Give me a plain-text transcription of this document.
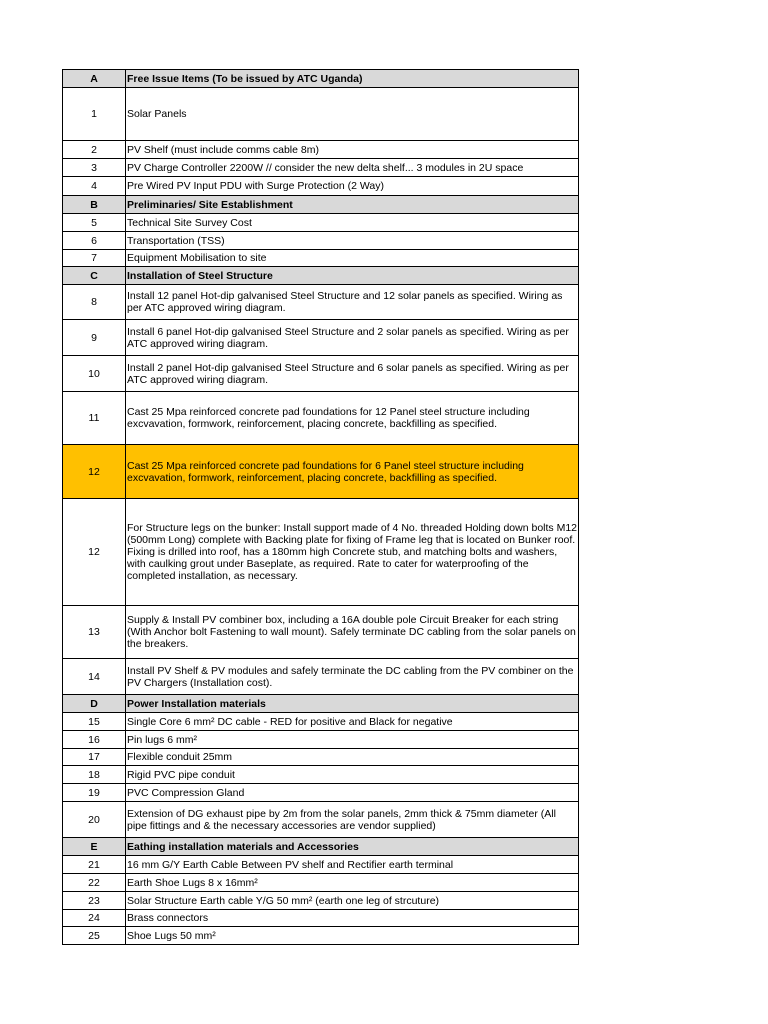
A	Free Issue Items (To be issued by ATC Uganda)
1	Solar Panels
2	PV Shelf (must include comms cable 8m)
3	PV Charge Controller 2200W // consider the new delta shelf... 3 modules in 2U space
4	Pre Wired PV Input PDU with Surge Protection (2 Way)
B	Preliminaries/ Site Establishment
5	Technical Site Survey Cost
6	Transportation (TSS)
7	Equipment Mobilisation to site
C	Installation of Steel Structure
8	Install 12 panel Hot-dip galvanised Steel Structure and 12 solar panels as specified. Wiring as per ATC approved wiring diagram.
9	Install 6 panel Hot-dip galvanised Steel Structure and 2 solar panels as specified. Wiring as per ATC approved wiring diagram.
10	Install 2 panel Hot-dip galvanised Steel Structure and 6 solar panels as specified. Wiring as per ATC approved wiring diagram.
11	Cast 25 Mpa reinforced concrete pad foundations for 12 Panel steel structure including excvavation, formwork, reinforcement, placing concrete, backfilling as specified.
12	Cast 25 Mpa reinforced concrete pad foundations for 6 Panel steel structure including excvavation, formwork, reinforcement, placing concrete, backfilling as specified.
12	For Structure legs on the bunker: Install support made of 4 No. threaded Holding down bolts M12 (500mm Long) complete with Backing plate for fixing of Frame leg that is located on Bunker roof. Fixing is drilled into roof, has a 180mm high Concrete stub, and matching bolts and washers, with caulking grout under Baseplate, as required. Rate to cater for waterproofing of the completed installation, as necessary.
13	Supply & Install PV combiner box, including a 16A double pole Circuit Breaker for each string (With Anchor bolt Fastening to wall mount). Safely terminate DC cabling from the solar panels on the breakers.
14	Install PV Shelf & PV modules and safely terminate the DC cabling from the PV combiner on the PV Chargers (Installation cost).
D	Power Installation materials
15	Single Core 6 mm² DC cable - RED for positive and Black for negative
16	Pin lugs 6 mm²
17	Flexible conduit 25mm
18	Rigid PVC pipe conduit
19	PVC Compression Gland
20	Extension of DG exhaust pipe by 2m from the solar panels, 2mm thick & 75mm diameter (All pipe fittings and & the necessary accessories are vendor supplied)
E	Eathing installation materials and Accessories
21	16 mm G/Y Earth Cable Between PV shelf and Rectifier earth terminal
22	Earth Shoe Lugs 8 x 16mm²
23	Solar Structure Earth cable Y/G 50 mm² (earth one leg of strcuture)
24	Brass connectors
25	Shoe Lugs 50 mm²
